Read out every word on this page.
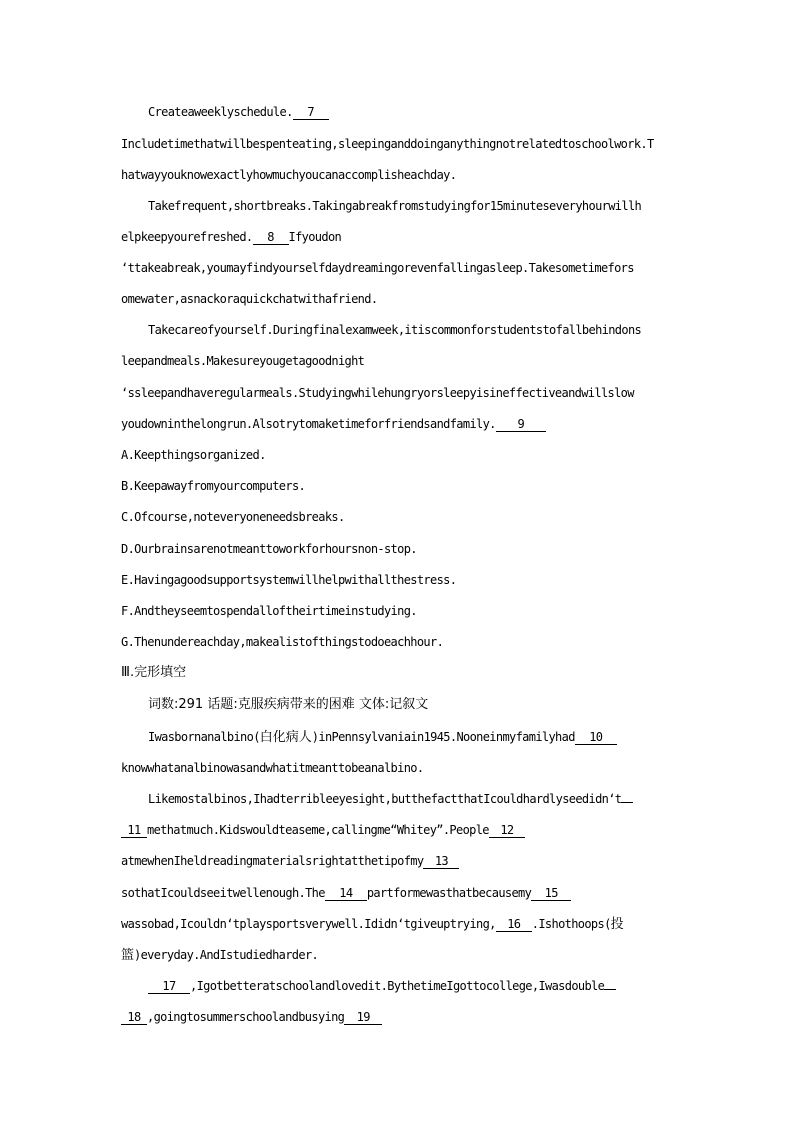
Createaweeklyschedule. 7
Includetimethatwillbespenteating,sleepinganddoinganythingnotrelatedtoschoolwork.T
hatwayyouknowexactlyhowmuchyoucanaccomplisheachday.
Takefrequent,shortbreaks.Takingabreakfromstudyingfor15minuteseveryhourwillh
elpkeepyourefreshed. 8 Ifyoudon
‘ttakeabreak,youmayfindyourselfdaydreamingorevenfallingasleep.Takesometimefors
omewater,asnackoraquickchatwithafriend.
Takecareofyourself.Duringfinalexamweek,itiscommonforstudentstofallbehindons
leepandmeals.Makesureyougetagoodnight
‘ssleepandhaveregularmeals.Studyingwhilehungryorsleepyisineffectiveandwillslow
youdowninthelongrun.Alsotrytomaketimeforfriendsandfamily. 9
A.Keepthingsorganized.
B.Keepawayfromyourcomputers.
C.Ofcourse,noteveryoneneedsbreaks.
D.Ourbrainsarenotmeanttoworkforhoursnon-stop.
E.Havingagoodsupportsystemwillhelpwithallthestress.
F.Andtheyseemtospendalloftheirtimeinstudying.
G.Thenundereachday,makealistofthingstodoeachhour.
Ⅲ.完形填空
词数:291 话题:克服疾病带来的困难 文体:记叙文
Iwasbornanalbino(白化病人)inPennsylvaniain1945.Nooneinmyfamilyhad 10
knowwhatanalbinowasandwhatitmeanttobeanalbino.
Likemostalbinos,Ihadterribleeyesight,butthefactthatIcouldhardlyseedidn‘t
11 methatmuch.Kidswouldteaseme,callingme“Whitey”.People 12
atmewhenIheldreadingmaterialsrightatthetipofmy 13
sothatIcouldseeitwellenough.The 14 partformewasthatbecausemy 15
wassobad,Icouldn‘tplaysportsverywell.Ididn‘tgiveuptrying, 16 .Ishothoops(投
篮)everyday.AndIstudiedharder.
17 ,Igotbetteratschoolandlovedit.BythetimeIgottocollege,Iwasdouble
18 ,goingtosummerschoolandbusying 19
